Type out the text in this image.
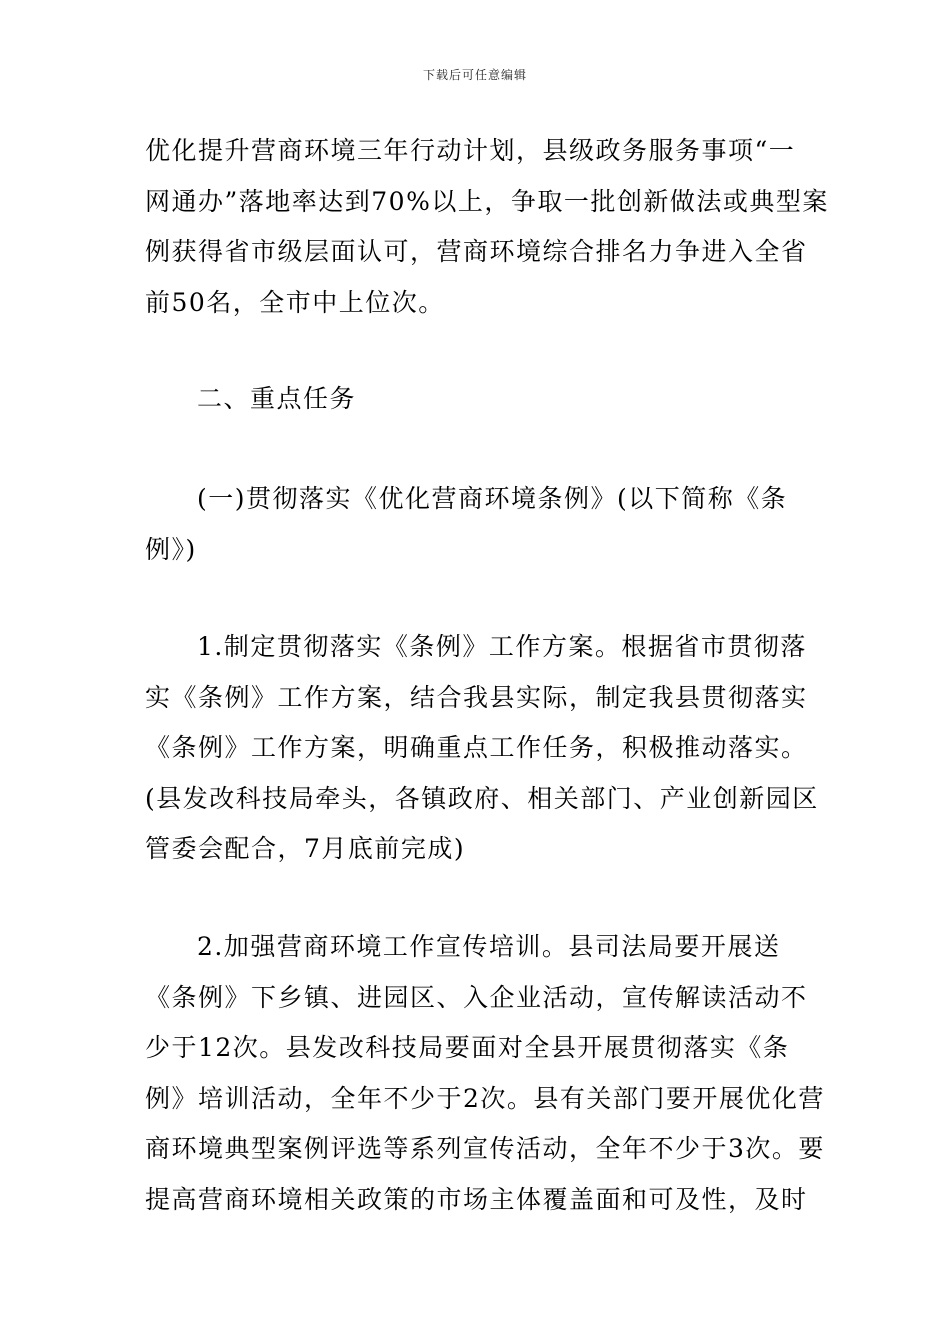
下载后可任意编辑
优化提升营商环境三年行动计划，县级政务服务事项“一
网通办”落地率达到70%以上，争取一批创新做法或典型案
例获得省市级层面认可，营商环境综合排名力争进入全省
前50名，全市中上位次。
二、重点任务
(一)贯彻落实《优化营商环境条例》(以下简称《条
例》)
1.制定贯彻落实《条例》工作方案。根据省市贯彻落
实《条例》工作方案，结合我县实际，制定我县贯彻落实
《条例》工作方案，明确重点工作任务，积极推动落实。
(县发改科技局牵头，各镇政府、相关部门、产业创新园区
管委会配合，7月底前完成)
2.加强营商环境工作宣传培训。县司法局要开展送
《条例》下乡镇、进园区、入企业活动，宣传解读活动不
少于12次。县发改科技局要面对全县开展贯彻落实《条
例》培训活动，全年不少于2次。县有关部门要开展优化营
商环境典型案例评选等系列宣传活动，全年不少于3次。要
提高营商环境相关政策的市场主体覆盖面和可及性，及时
